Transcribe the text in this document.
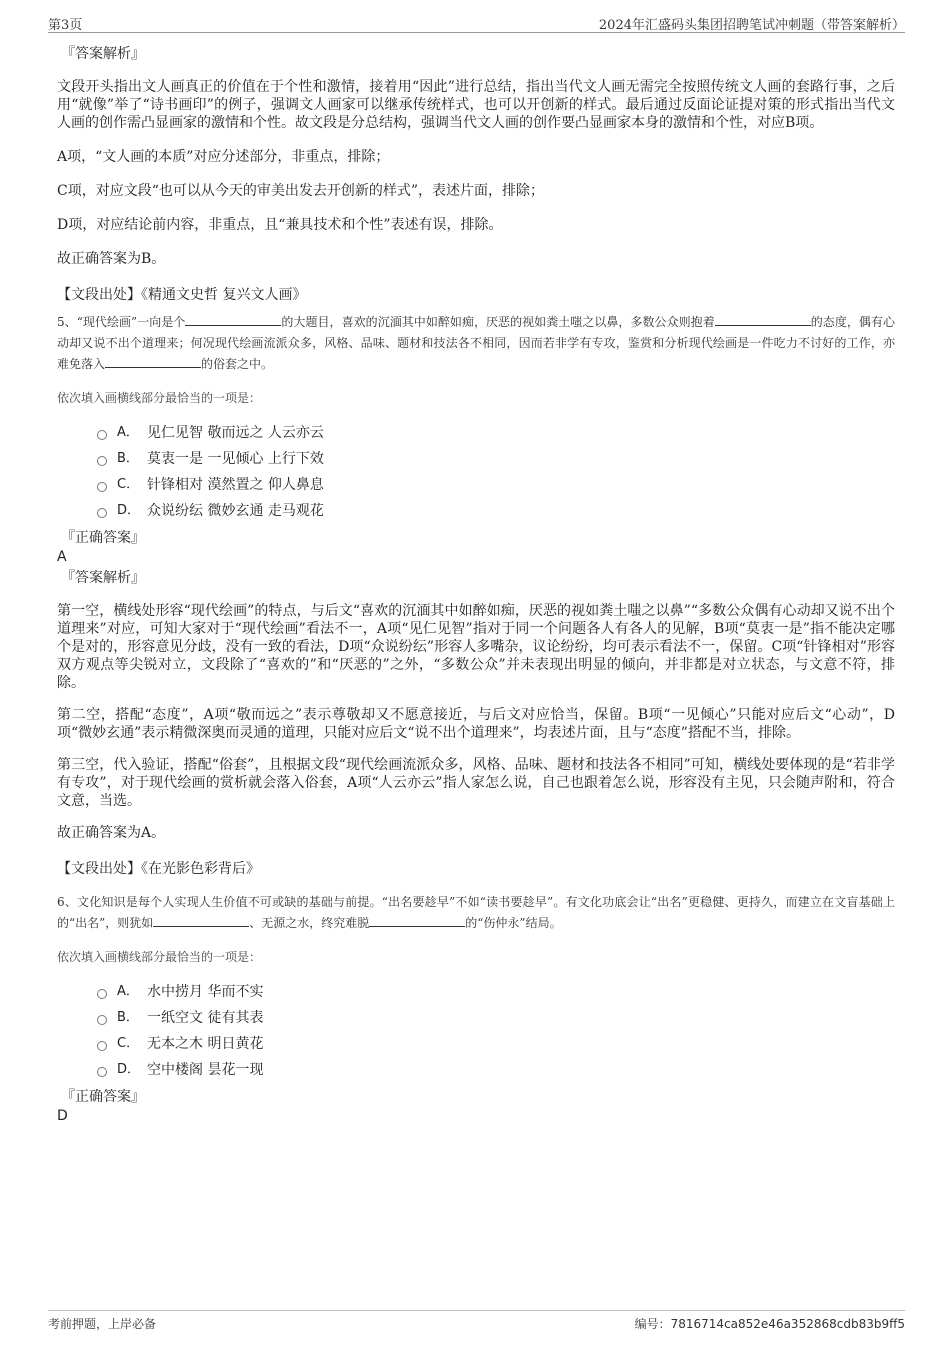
第3页	2024年汇盛码头集团招聘笔试冲刺题（带答案解析）

『答案解析』

文段开头指出文人画真正的价值在于个性和激情，接着用“因此”进行总结，指出当代文人画无需完全按照传统文人画的套路行事，之后用“就像”举了“诗书画印”的例子，强调文人画家可以继承传统样式，也可以开创新的样式。最后通过反面论证提对策的形式指出当代文人画的创作需凸显画家的激情和个性。故文段是分总结构，强调当代文人画的创作要凸显画家本身的激情和个性，对应B项。

A项，“文人画的本质”对应分述部分，非重点，排除；

C项，对应文段“也可以从今天的审美出发去开创新的样式”，表述片面，排除；

D项，对应结论前内容，非重点，且“兼具技术和个性”表述有误，排除。

故正确答案为B。

【文段出处】《精通文史哲 复兴文人画》

5、“现代绘画”一向是个	的大题目，喜欢的沉湎其中如醉如痴，厌恶的视如粪土嗤之以鼻，多数公众则抱着	的态度，偶有心动却又说不出个道理来；何况现代绘画流派众多，风格、品味、题材和技法各不相同，因而若非学有专攻，鉴赏和分析现代绘画是一件吃力不讨好的工作，亦难免落入	的俗套之中。

依次填入画横线部分最恰当的一项是：

A． 见仁见智 敬而远之 人云亦云
B． 莫衷一是 一见倾心 上行下效
C． 针锋相对 漠然置之 仰人鼻息
D． 众说纷纭 微妙玄通 走马观花

『正确答案』

A

『答案解析』

第一空，横线处形容“现代绘画”的特点，与后文“喜欢的沉湎其中如醉如痴，厌恶的视如粪土嗤之以鼻”“多数公众偶有心动却又说不出个道理来”对应，可知大家对于“现代绘画”看法不一，A项“见仁见智”指对于同一个问题各人有各人的见解，B项“莫衷一是”指不能决定哪个是对的，形容意见分歧，没有一致的看法，D项“众说纷纭”形容人多嘴杂，议论纷纷，均可表示看法不一，保留。C项“针锋相对”形容双方观点等尖锐对立，文段除了“喜欢的”和“厌恶的”之外，“多数公众”并未表现出明显的倾向，并非都是对立状态，与文意不符，排除。

第二空，搭配“态度”，A项“敬而远之”表示尊敬却又不愿意接近，与后文对应恰当，保留。B项“一见倾心”只能对应后文“心动”，D项“微妙玄通”表示精微深奥而灵通的道理，只能对应后文“说不出个道理来”，均表述片面，且与“态度”搭配不当，排除。

第三空，代入验证，搭配“俗套”，且根据文段“现代绘画流派众多，风格、品味、题材和技法各不相同”可知，横线处要体现的是“若非学有专攻”，对于现代绘画的赏析就会落入俗套，A项“人云亦云”指人家怎么说，自己也跟着怎么说，形容没有主见，只会随声附和，符合文意，当选。

故正确答案为A。

【文段出处】《在光影色彩背后》

6、文化知识是每个人实现人生价值不可或缺的基础与前提。“出名要趁早”不如“读书要趁早”。有文化功底会让“出名”更稳健、更持久，而建立在文盲基础上的“出名”，则犹如	、无源之水，终究难脱	的“伤仲永”结局。

依次填入画横线部分最恰当的一项是：

A． 水中捞月 华而不实
B． 一纸空文 徒有其表
C． 无本之木 明日黄花
D． 空中楼阁 昙花一现

『正确答案』

D

考前押题，上岸必备	编号：7816714ca852e46a352868cdb83b9ff5
